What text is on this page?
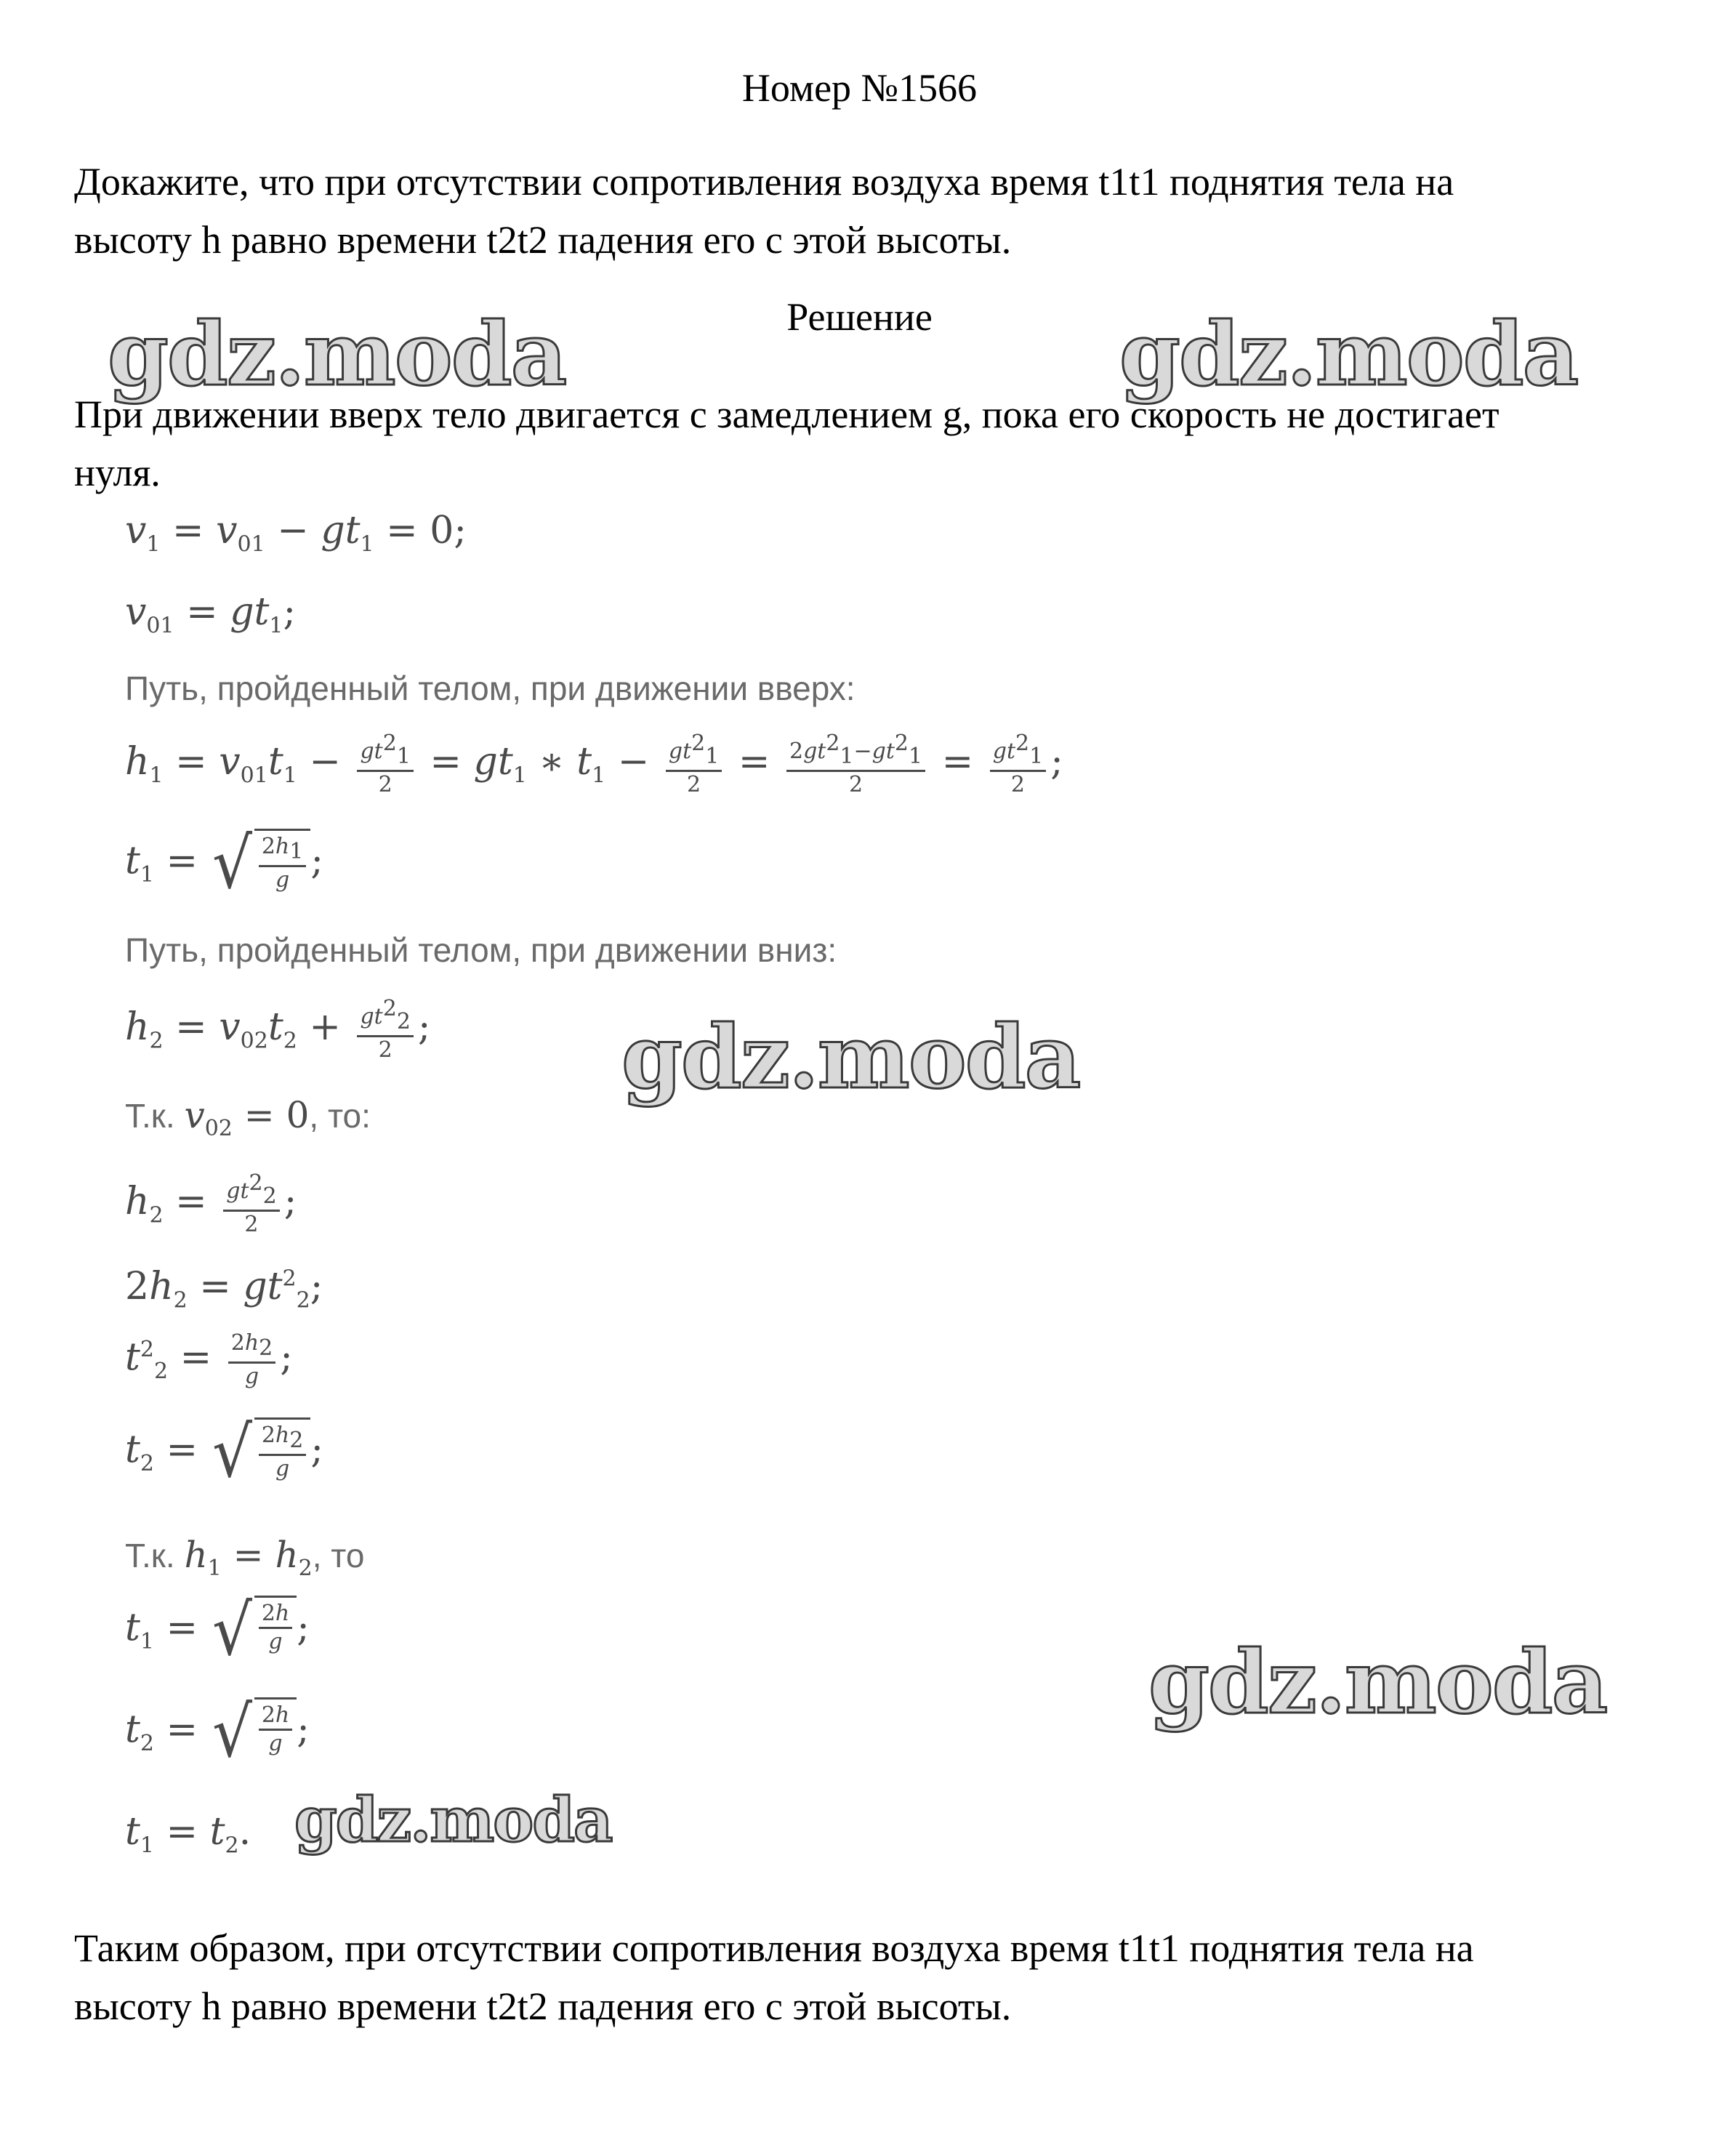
Номер №1566
Докажите, что при отсутствии сопротивления воздуха время t1t1 поднятия тела на
высоту h равно времени t2t2 падения его с этой высоты.
Решение
gdz.moda	gdz.moda
При движении вверх тело двигается с замедлением g, пока его скорость не достигает
нуля.
$v_1 = v_{01} - gt_1 = 0$;
$v_{01} = gt_1$;
Путь, пройденный телом, при движении вверх:
$h_1 = v_{01}t_1 - \frac{gt^2_1}{2} = gt_1$ ∗ $t_1 - \frac{gt^2_1}{2} = \frac{2gt^2_1-gt^2_1}{2} = \frac{gt^2_1}{2}$ ;
$t_1$ = √ $\frac{2h_1}{g}$ ;
Путь, пройденный телом, при движении вниз:
$h_2 = v_{02}t_2 + \frac{gt^2_2}{2}$ ; gdz.moda
Т.к. $v_{02} = 0$, то:
$h_2 = \frac{gt^2_2}{2}$ ;
$2h_2 = gt^2_2$;
$t^2_2 = \frac{2h_2}{g}$ ;
$t_2$ = √ $\frac{2h_2}{g}$ ;
Т.к. $h_1 = h_2$, то
$t_1$ = √ $\frac{2h}{g}$ ;
gdz.moda
$t_2$ = √ $\frac{2h}{g}$ ;
$t_1 = t_2$. gdz.moda
Таким образом, при отсутствии сопротивления воздуха время t1t1 поднятия тела на
высоту h равно времени t2t2 падения его с этой высоты.
